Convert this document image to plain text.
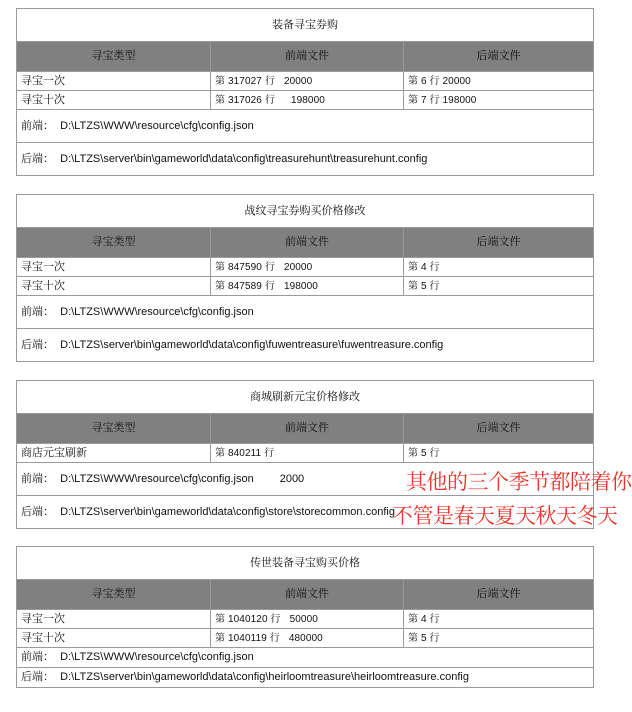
装备寻宝券购		
寻宝类型	前端文件	后端文件
寻宝一次	第 317027 行 20000	第 6 行 20000
寻宝十次	第 317026 行 198000	第 7 行 198000
前端： D:\LTZS\WWW\resource\cfg\config.json		
后端： D:\LTZS\server\bin\gameworld\data\config\treasurehunt\treasurehunt.config		
战纹寻宝券购买价格修改		
寻宝类型	前端文件	后端文件
寻宝一次	第 847590 行 20000	第 4 行
寻宝十次	第 847589 行 198000	第 5 行
前端： D:\LTZS\WWW\resource\cfg\config.json		
后端： D:\LTZS\server\bin\gameworld\data\config\fuwentreasure\fuwentreasure.config		
商城刷新元宝价格修改		
寻宝类型	前端文件	后端文件
商店元宝刷新	第 840211 行	第 5 行
前端： D:\LTZS\WWW\resource\cfg\config.json 2000		
后端： D:\LTZS\server\bin\gameworld\data\config\store\storecommon.config		
传世装备寻宝购买价格		
寻宝类型	前端文件	后端文件
寻宝一次	第 1040120 行 50000	第 4 行
寻宝十次	第 1040119 行 480000	第 5 行
前端： D:\LTZS\WWW\resource\cfg\config.json		
后端： D:\LTZS\server\bin\gameworld\data\config\heirloomtreasure\heirloomtreasure.config		
其他的三个季节都陪着你
不管是春天夏天秋天冬天
